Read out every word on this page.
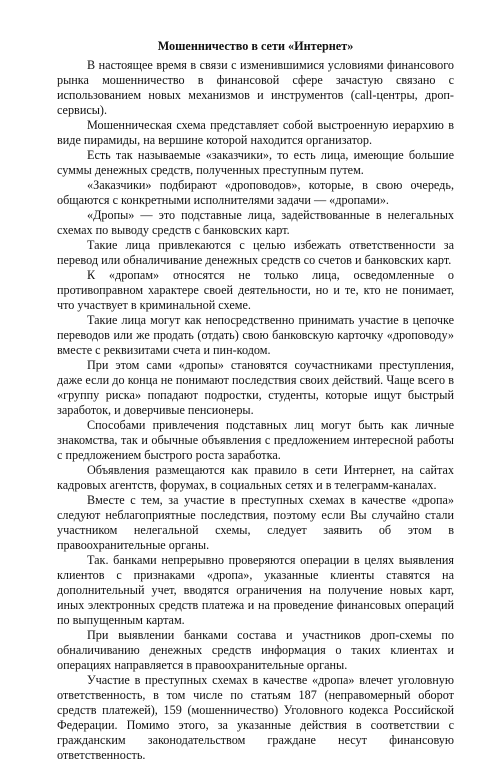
Мошенничество в сети «Интернет»

В настоящее время в связи с изменившимися условиями финансового рынка мошенничество в финансовой сфере зачастую связано с использованием новых механизмов и инструментов (call-центры, дроп-сервисы).

Мошенническая схема представляет собой выстроенную иерархию в виде пирамиды, на вершине которой находится организатор.

Есть так называемые «заказчики», то есть лица, имеющие большие суммы денежных средств, полученных преступным путем.

«Заказчики» подбирают «дроповодов», которые, в свою очередь, общаются с конкретными исполнителями задачи — «дропами».

«Дропы» — это подставные лица, задействованные в нелегальных схемах по выводу средств с банковских карт.

Такие лица привлекаются с целью избежать ответственности за перевод или обналичивание денежных средств со счетов и банковских карт.

К «дропам» относятся не только лица, осведомленные о противоправном характере своей деятельности, но и те, кто не понимает, что участвует в криминальной схеме.

Такие лица могут как непосредственно принимать участие в цепочке переводов или же продать (отдать) свою банковскую карточку «дроповоду» вместе с реквизитами счета и пин-кодом.

При этом сами «дропы» становятся соучастниками преступления, даже если до конца не понимают последствия своих действий. Чаще всего в «группу риска» попадают подростки, студенты, которые ищут быстрый заработок, и доверчивые пенсионеры.

Способами привлечения подставных лиц могут быть как личные знакомства, так и обычные объявления с предложением интересной работы с предложением быстрого роста заработка.

Объявления размещаются как правило в сети Интернет, на сайтах кадровых агентств, форумах, в социальных сетях и в телеграмм-каналах.

Вместе с тем, за участие в преступных схемах в качестве «дропа» следуют неблагоприятные последствия, поэтому если Вы случайно стали участником нелегальной схемы, следует заявить об этом в правоохранительные органы.

Так. банками непрерывно проверяются операции в целях выявления клиентов с признаками «дропа», указанные клиенты ставятся на дополнительный учет, вводятся ограничения на получение новых карт, иных электронных средств платежа и на проведение финансовых операций по выпущенным картам.

При выявлении банками состава и участников дроп-схемы по обналичиванию денежных средств информация о таких клиентах и операциях направляется в правоохранительные органы.

Участие в преступных схемах в качестве «дропа» влечет уголовную ответственность, в том числе по статьям 187 (неправомерный оборот средств платежей), 159 (мошенничество) Уголовного кодекса Российской Федерации. Помимо этого, за указанные действия в соответствии с гражданским законодательством граждане несут финансовую ответственность.
